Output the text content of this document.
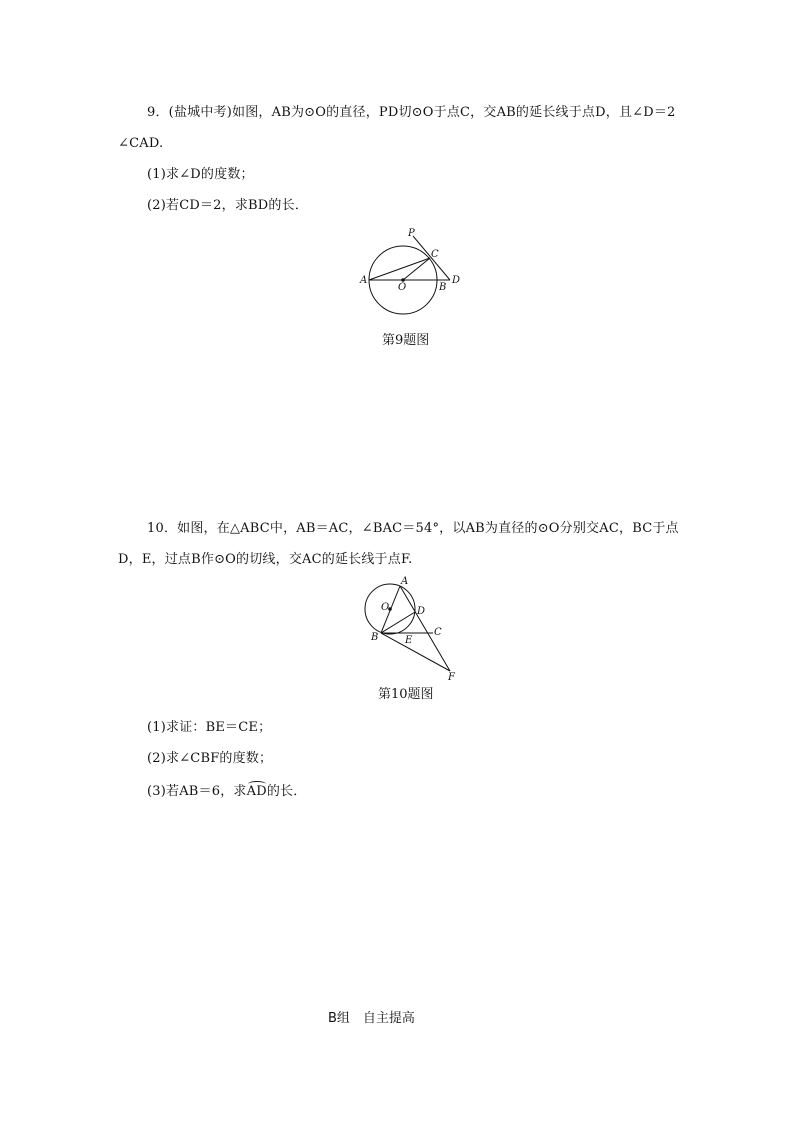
9．(盐城中考)如图，AB为⊙O的直径，PD切⊙O于点C，交AB的延长线于点D，且∠D＝2
∠CAD.
(1)求∠D的度数；
(2)若CD＝2，求BD的长．
P
C
A
O	B
D
第9题图
10．如图，在△ABC中，AB＝AC，∠BAC＝54°，以AB为直径的⊙O分别交AC，BC于点
D，E，过点B作⊙O的切线，交AC的延长线于点F.
A
O	D
B	E
C
F
第10题图
(1)求证：BE＝CE；
(2)求∠CBF的度数；
(3)若AB＝6，求AD的长．
B组　自主提高
